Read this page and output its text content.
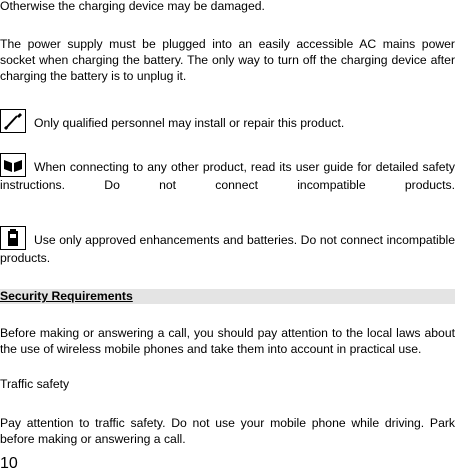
Otherwise the charging device may be damaged.

The power supply must be plugged into an easily accessible AC mains power socket when charging the battery. The only way to turn off the charging device after charging the battery is to unplug it.

Only qualified personnel may install or repair this product.
When connecting to any other product, read its user guide for detailed safety instructions. Do not connect incompatible products.
Use only approved enhancements and batteries. Do not connect incompatible products.
Security Requirements

Before making or answering a call, you should pay attention to the local laws about the use of wireless mobile phones and take them into account in practical use.

Traffic safety

Pay attention to traffic safety. Do not use your mobile phone while driving. Park before making or answering a call.

10
